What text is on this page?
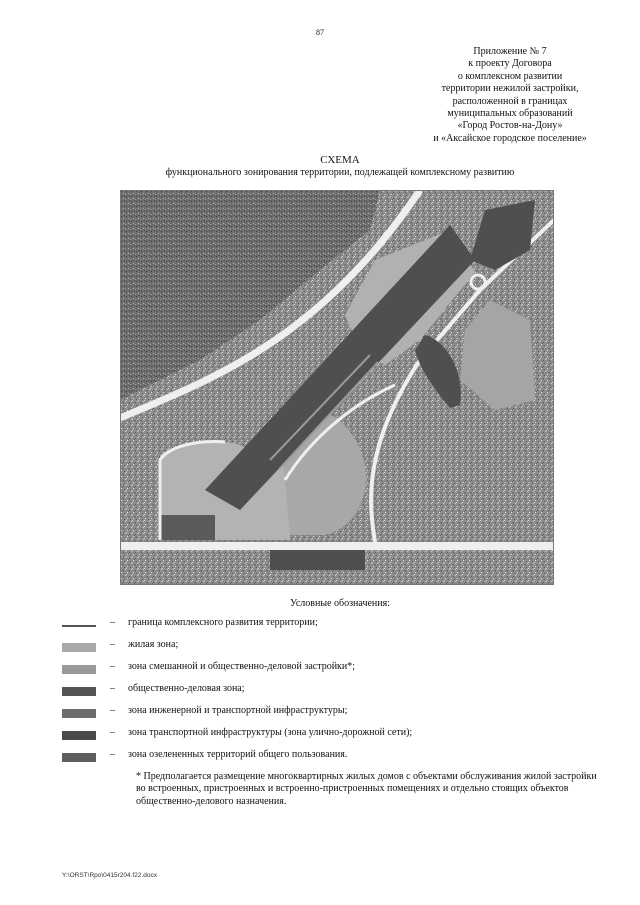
87
Приложение № 7
к проекту Договора
о комплексном развитии
территории нежилой застройки,
расположенной в границах
муниципальных образований
«Город Ростов-на-Дону»
и «Аксайское городское поселение»
СХЕМА
функционального зонирования территории, подлежащей комплексному развитию
Условные обозначения:
– граница комплексного развития территории;
– жилая зона;
– зона смешанной и общественно-деловой застройки*;
– общественно-деловая зона;
– зона инженерной и транспортной инфраструктуры;
– зона транспортной инфраструктуры (зона улично-дорожной сети);
– зона озелененных территорий общего пользования.
* Предполагается размещение многоквартирных жилых домов с объектами обслуживания жилой застройки во встроенных, пристроенных и встроенно-пристроенных помещениях и отдельно стоящих объектов общественно-делового назначения.
Y:\ORST\Rpo\0415r204.f22.docx
